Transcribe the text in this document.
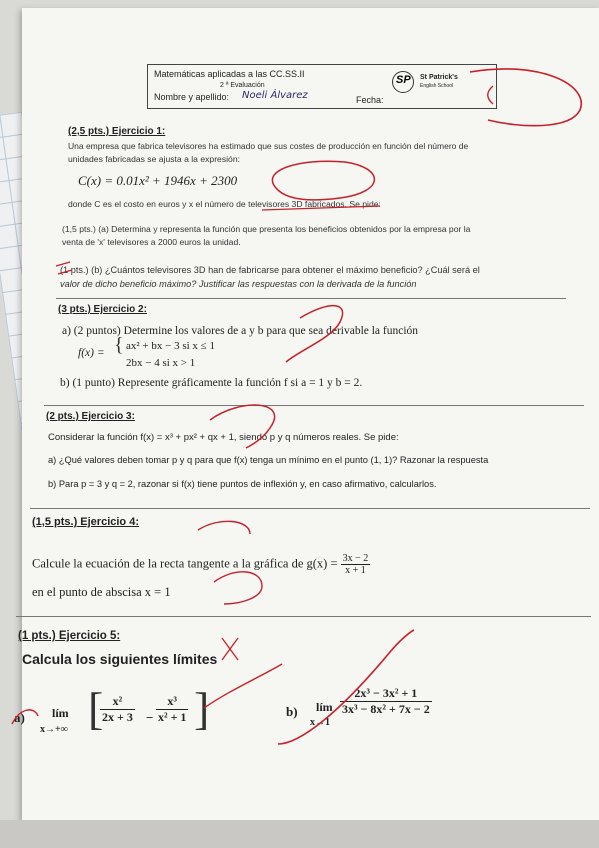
Matemáticas aplicadas a las CC.SS.II
2 ª Evaluación
Nombre y apellido: Noeli Álvarez	Fecha:
SP St Patrick's
English School
(2,5 pts.) Ejercicio 1:
Una empresa que fabrica televisores ha estimado que sus costes de producción en función del número de
unidades fabricadas se ajusta a la expresión:
C(x) = 0.01x² + 1946x + 2300
donde C es el costo en euros y x el número de televisores 3D fabricados. Se pide:
(1,5 pts.) (a) Determina y representa la función que presenta los beneficios obtenidos por la empresa por la
venta de 'x' televisores a 2000 euros la unidad.
(1 pts.) (b) ¿Cuántos televisores 3D han de fabricarse para obtener el máximo beneficio? ¿Cuál será el
valor de dicho beneficio máximo? Justificar las respuestas con la derivada de la función
(3 pts.) Ejercicio 2:
a) (2 puntos) Determine los valores de a y b para que sea derivable la función
f(x) = { ax² + bx − 3 si x ≤ 1
2bx − 4 si x > 1
b) (1 punto) Represente gráficamente la función f si a = 1 y b = 2.
(2 pts.) Ejercicio 3:
Considerar la función f(x) = x³ + px² + qx + 1, siendo p y q números reales. Se pide:
a) ¿Qué valores deben tomar p y q para que f(x) tenga un mínimo en el punto (1, 1)? Razonar la respuesta
b) Para p = 3 y q = 2, razonar si f(x) tiene puntos de inflexión y, en caso afirmativo, calcularlos.
(1,5 pts.) Ejercicio 4:
Calcule la ecuación de la recta tangente a la gráfica de $g(x) = \frac{3x - 2}{x + 1}$
en el punto de abscisa x = 1
(1 pts.) Ejercicio 5:
Calcula los siguientes límites
a) lím
x→+∞ [
$\frac{\text{x²}}{2x + 3} - \frac{\text{x³}}{\text{x² + 1}}$ ]	b) lím
x→1
$\frac{\text{2x³ − 3x² + 1}}{\text{3x³ − 8x² + 7x − 2}}$
